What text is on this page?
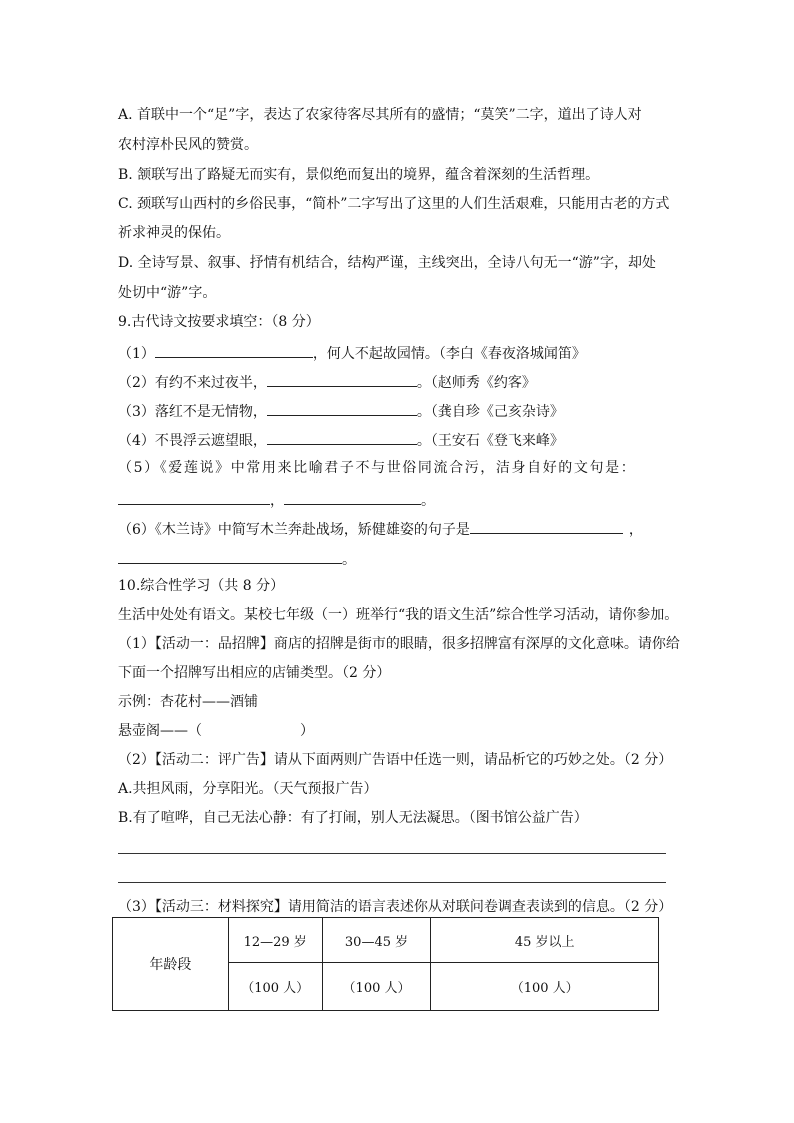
A. 首联中一个“足”字，表达了农家待客尽其所有的盛情；“莫笑”二字，道出了诗人对
农村淳朴民风的赞赏。
B. 颔联写出了路疑无而实有，景似绝而复出的境界，蕴含着深刻的生活哲理。
C. 颈联写山西村的乡俗民事，“简朴”二字写出了这里的人们生活艰难，只能用古老的方式
祈求神灵的保佑。
D. 全诗写景、叙事、抒情有机结合，结构严谨，主线突出，全诗八句无一“游”字，却处
处切中“游”字。
9.古代诗文按要求填空：（8 分）
（1）	，何人不起故园情。（李白《春夜洛城闻笛》
（2）有约不来过夜半，	。（赵师秀《约客》
（3）落红不是无情物，	。（龚自珍《己亥杂诗》
（4）不畏浮云遮望眼，	。（王安石《登飞来峰》
（5）《爱莲说》中常用来比喻君子不与世俗同流合污，洁身自好的文句是：
，	。
（6）《木兰诗》中简写木兰奔赴战场，矫健雄姿的句子是	，
。
10.综合性学习（共 8 分）
生活中处处有语文。某校七年级（一）班举行“我的语文生活”综合性学习活动，请你参加。
（1）【活动一：品招牌】商店的招牌是街市的眼睛，很多招牌富有深厚的文化意味。请你给
下面一个招牌写出相应的店铺类型。（2 分）
示例：杏花村——酒铺
悬壶阁——（	）
（2）【活动二：评广告】请从下面两则广告语中任选一则，请品析它的巧妙之处。（2 分）
A.共担风雨，分享阳光。（天气预报广告）
B.有了喧哗，自己无法心静：有了打闹，别人无法凝思。（图书馆公益广告）
（3）【活动三：材料探究】请用简洁的语言表述你从对联问卷调查表读到的信息。（2 分）
年龄段	12—29 岁	30—45 岁	45 岁以上
	（100 人）	（100 人）	（100 人）
